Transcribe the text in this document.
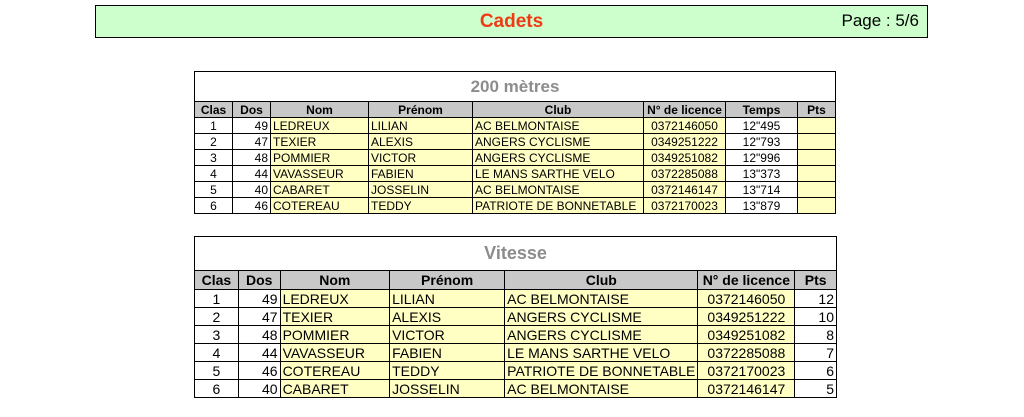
Cadets	Page : 5/6
200 mètres							
Clas	Dos	Nom	Prénom	Club	N° de licence	Temps	Pts
1	49	LEDREUX	LILIAN	AC BELMONTAISE	0372146050	12"495	
2	47	TEXIER	ALEXIS	ANGERS CYCLISME	0349251222	12"793	
3	48	POMMIER	VICTOR	ANGERS CYCLISME	0349251082	12"996	
4	44	VAVASSEUR	FABIEN	LE MANS SARTHE VELO	0372285088	13"373	
5	40	CABARET	JOSSELIN	AC BELMONTAISE	0372146147	13"714	
6	46	COTEREAU	TEDDY	PATRIOTE DE BONNETABLE	0372170023	13"879	
Vitesse						
Clas	Dos	Nom	Prénom	Club	N° de licence	Pts
1	49	LEDREUX	LILIAN	AC BELMONTAISE	0372146050	12
2	47	TEXIER	ALEXIS	ANGERS CYCLISME	0349251222	10
3	48	POMMIER	VICTOR	ANGERS CYCLISME	0349251082	8
4	44	VAVASSEUR	FABIEN	LE MANS SARTHE VELO	0372285088	7
5	46	COTEREAU	TEDDY	PATRIOTE DE BONNETABLE	0372170023	6
6	40	CABARET	JOSSELIN	AC BELMONTAISE	0372146147	5
